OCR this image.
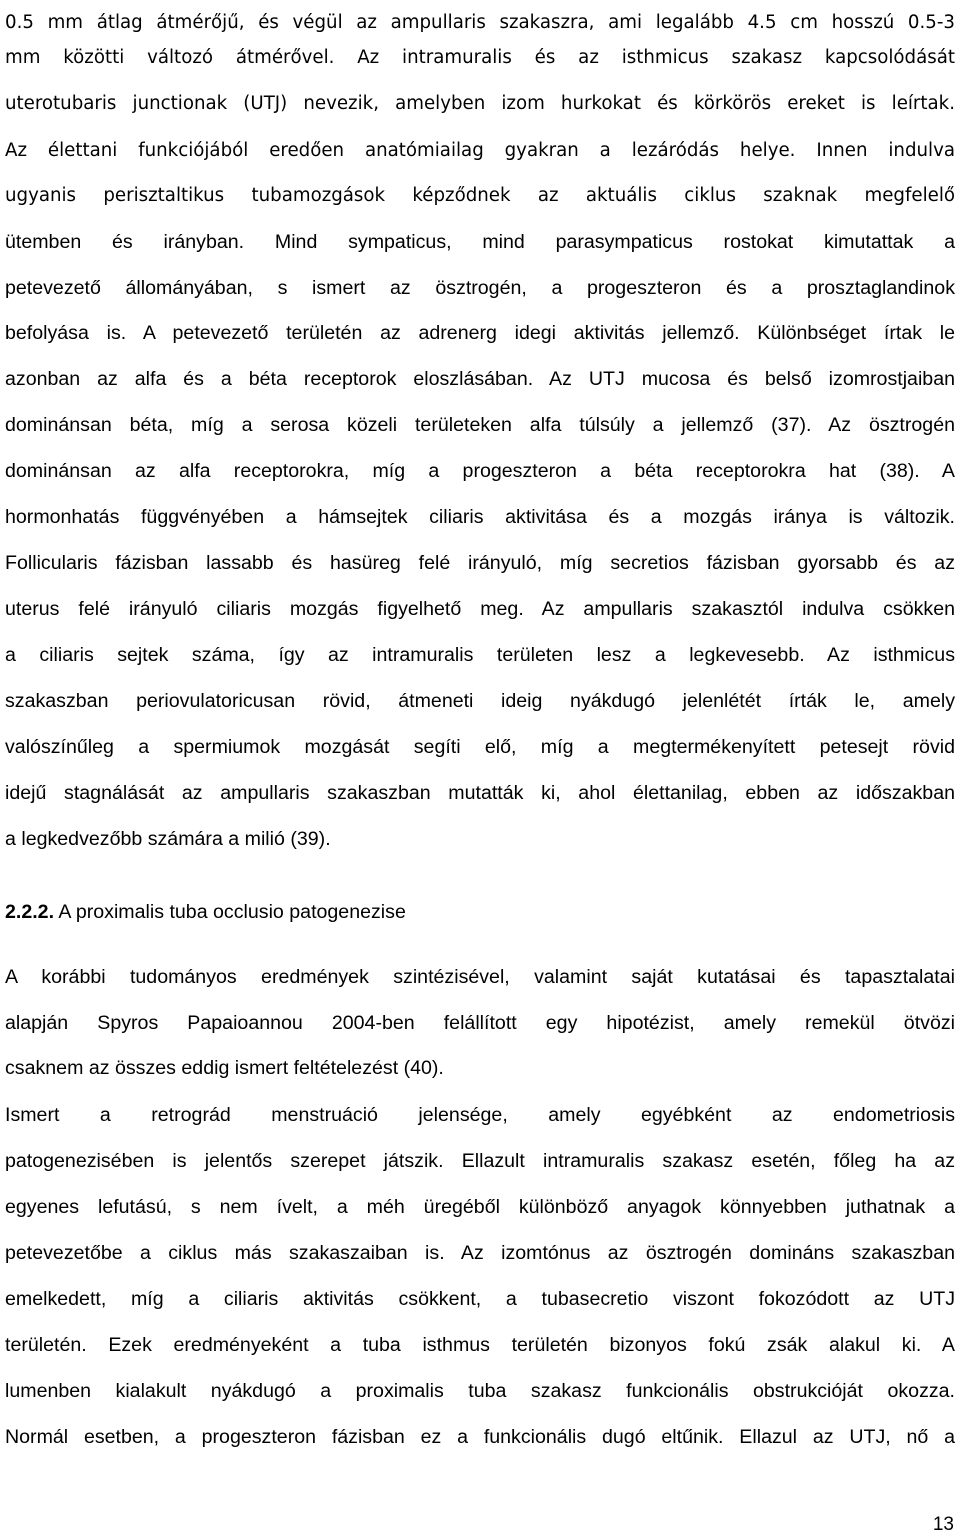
0.5 mm átlag átmérőjű, és végül az ampullaris szakaszra, ami legalább 4.5 cm hosszú 0.5-3
mm közötti változó átmérővel. Az intramuralis és az isthmicus szakasz kapcsolódását
uterotubaris junctionak (UTJ) nevezik, amelyben izom hurkokat és körkörös ereket is leírtak.
Az élettani funkciójából eredően anatómiailag gyakran a lezáródás helye. Innen indulva
ugyanis perisztaltikus tubamozgások képződnek az aktuális ciklus szaknak megfelelő
ütemben és irányban. Mind sympaticus, mind parasympaticus rostokat kimutattak a
petevezető állományában, s ismert az ösztrogén, a progeszteron és a prosztaglandinok
befolyása is. A petevezető területén az adrenerg idegi aktivitás jellemző. Különbséget írtak le
azonban az alfa és a béta receptorok eloszlásában. Az UTJ mucosa és belső izomrostjaiban
dominánsan béta, míg a serosa közeli területeken alfa túlsúly a jellemző (37). Az ösztrogén
dominánsan az alfa receptorokra, míg a progeszteron a béta receptorokra hat (38). A
hormonhatás függvényében a hámsejtek ciliaris aktivitása és a mozgás iránya is változik.
Follicularis fázisban lassabb és hasüreg felé irányuló, míg secretios fázisban gyorsabb és az
uterus felé irányuló ciliaris mozgás figyelhető meg. Az ampullaris szakasztól indulva csökken
a ciliaris sejtek száma, így az intramuralis területen lesz a legkevesebb. Az isthmicus
szakaszban periovulatoricusan rövid, átmeneti ideig nyákdugó jelenlétét írták le, amely
valószínűleg a spermiumok mozgását segíti elő, míg a megtermékenyített petesejt rövid
idejű stagnálását az ampullaris szakaszban mutatták ki, ahol élettanilag, ebben az időszakban
a legkedvezőbb számára a milió (39).
2.2.2. A proximalis tuba occlusio patogenezise
A korábbi tudományos eredmények szintézisével, valamint saját kutatásai és tapasztalatai
alapján Spyros Papaioannou 2004-ben felállított egy hipotézist, amely remekül ötvözi
csaknem az összes eddig ismert feltételezést (40).
Ismert a retrográd menstruáció jelensége, amely egyébként az endometriosis
patogenezisében is jelentős szerepet játszik. Ellazult intramuralis szakasz esetén, főleg ha az
egyenes lefutású, s nem ívelt, a méh üregéből különböző anyagok könnyebben juthatnak a
petevezetőbe a ciklus más szakaszaiban is. Az izomtónus az ösztrogén domináns szakaszban
emelkedett, míg a ciliaris aktivitás csökkent, a tubasecretio viszont fokozódott az UTJ
területén. Ezek eredményeként a tuba isthmus területén bizonyos fokú zsák alakul ki. A
lumenben kialakult nyákdugó a proximalis tuba szakasz funkcionális obstrukcióját okozza.
Normál esetben, a progeszteron fázisban ez a funkcionális dugó eltűnik. Ellazul az UTJ, nő a
13
